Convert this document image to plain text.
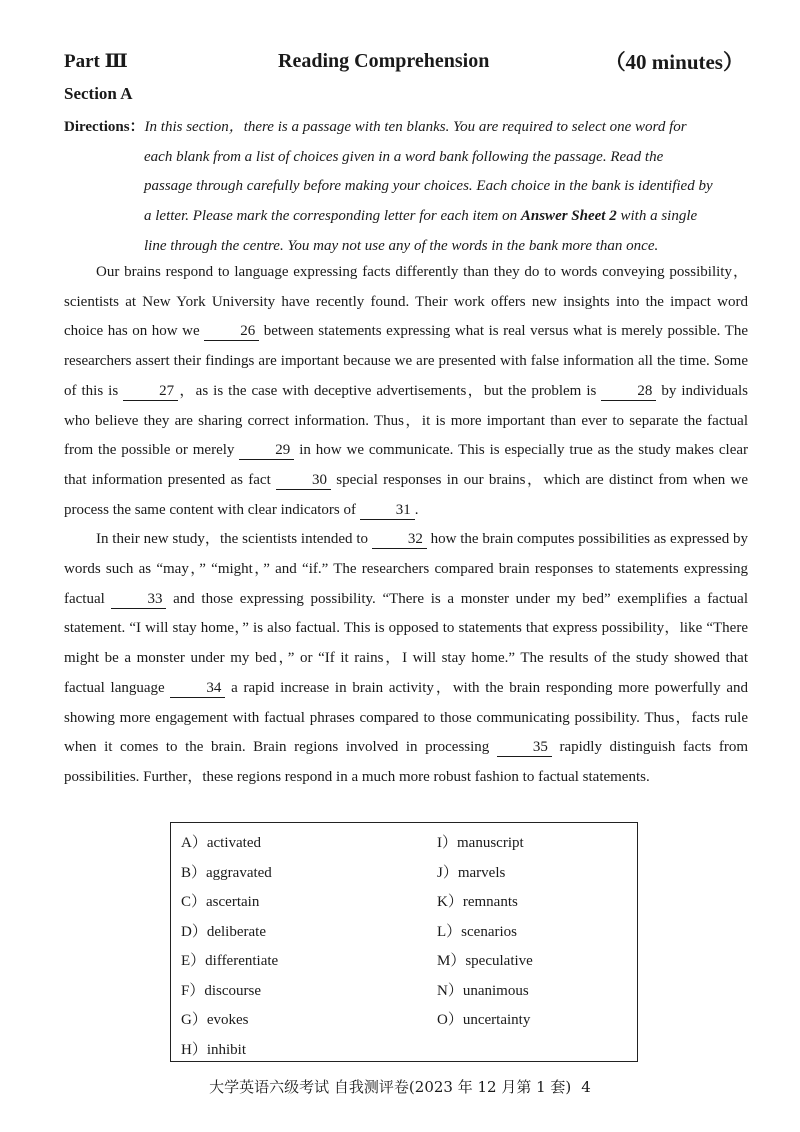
Part Ⅲ	Reading Comprehension	（40 minutes）
Section A
Directions：In this section，there is a passage with ten blanks. You are required to select one word for
each blank from a list of choices given in a word bank following the passage. Read the
passage through carefully before making your choices. Each choice in the bank is identified by
a letter. Please mark the corresponding letter for each item on Answer Sheet 2 with a single
line through the centre. You may not use any of the words in the bank more than once.

Our brains respond to language expressing facts differently than they do to words conveying possibility，scientists at New York University have recently found. Their work offers new insights into the impact word choice has on how we 26 between statements expressing what is real versus what is merely possible. The researchers assert their findings are important because we are presented with false information all the time. Some of this is 27 ，as is the case with deceptive advertisements，but the problem is 28 by individuals who believe they are sharing correct information. Thus，it is more important than ever to separate the factual from the possible or merely 29 in how we communicate. This is especially true as the study makes clear that information presented as fact 30 special responses in our brains，which are distinct from when we process the same content with clear indicators of 31 .

In their new study，the scientists intended to 32 how the brain computes possibilities as expressed by words such as “may，” “might，” and “if.” The researchers compared brain responses to statements expressing factual 33 and those expressing possibility. “There is a monster under my bed” exemplifies a factual statement. “I will stay home，” is also factual. This is opposed to statements that express possibility，like “There might be a monster under my bed，” or “If it rains，I will stay home.” The results of the study showed that factual language 34 a rapid increase in brain activity，with the brain responding more powerfully and showing more engagement with factual phrases compared to those communicating possibility. Thus，facts rule when it comes to the brain. Brain regions involved in processing 35 rapidly distinguish facts from possibilities. Further，these regions respond in a much more robust fashion to factual statements.

A）activated
B）aggravated
C）ascertain
D）deliberate
E）differentiate
F）discourse
G）evokes
H）inhibit
I）manuscript
J）marvels
K）remnants
L）scenarios
M）speculative
N）unanimous
O）uncertainty
大学英语六级考试 自我测评卷(2023 年 12 月第 1 套) 4
